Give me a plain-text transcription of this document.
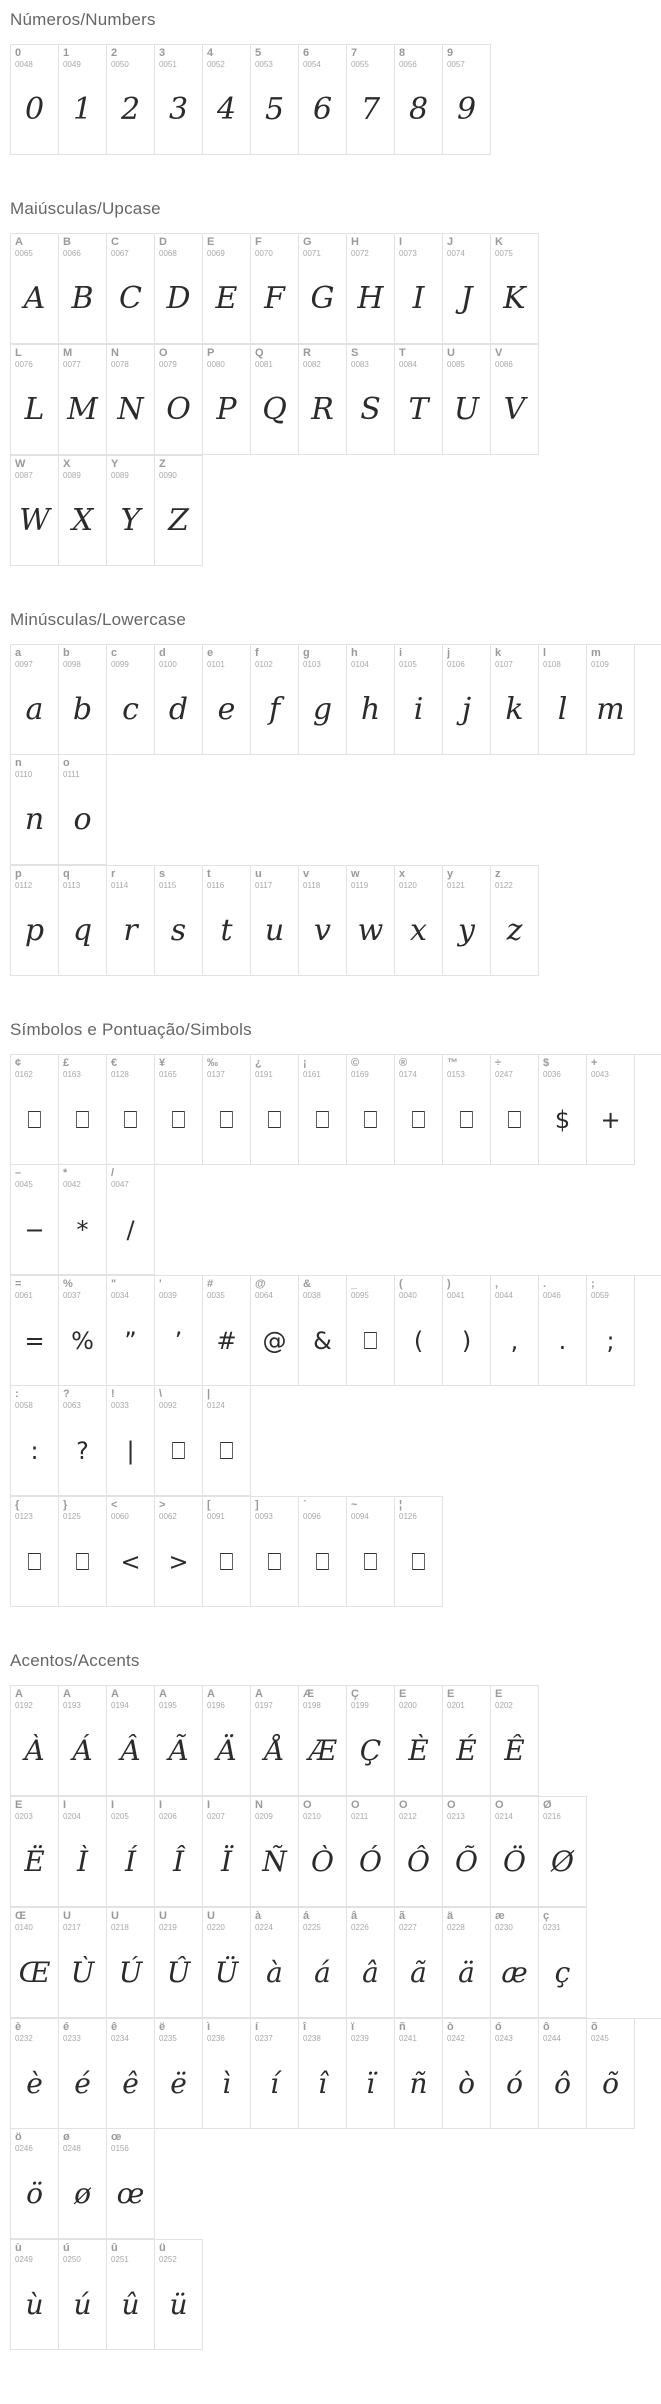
Números/Numbers
0
0048
0
1
0049
1
2
0050
2
3
0051
3
4
0052
4
5
0053
5
6
0054
6
7
0055
7
8
0056
8
9
0057
9
Maiúsculas/Upcase
A
0065
A
B
0066
B
C
0067
C
D
0068
D
E
0069
E
F
0070
F
G
0071
G
H
0072
H
I
0073
I
J
0074
J
K
0075
K
L
0076
L
M
0077
M
N
0078
N
O
0079
O
P
0080
P
Q
0081
Q
R
0082
R
S
0083
S
T
0084
T
U
0085
U
V
0086
V
W
0087
W
X
0089
X
Y
0089
Y
Z
0090
Z
Minúsculas/Lowercase
a
0097
a
b
0098
b
c
0099
c
d
0100
d
e
0101
e
f
0102
f
g
0103
g
h
0104
h
i
0105
i
j
0106
j
k
0107
k
l
0108
l
m
0109
m
n
0110
n
o
0111
o
p
0112
p
q
0113
q
r
0114
r
s
0115
s
t
0116
t
u
0117
u
v
0118
v
w
0119
w
x
0120
x
y
0121
y
z
0122
z
Símbolos e Pontuação/Simbols
¢
0162
⎕
£
0163
⎕
€
0128
⎕
¥
0165
⎕
‰
0137
⎕
¿
0191
⎕
¡
0161
⎕
©
0169
⎕
®
0174
⎕
™
0153
⎕
÷
0247
⎕
$
0036
$
+
0043
+
–
0045
−
*
0042
*
/
0047
/
=
0061
=
%
0037
%
"
0034
”
'
0039
’
#
0035
#
@
0064
@
&
0038
&
_
0095
⎕
(
0040
(
)
0041
)
,
0044
,
.
0046
.
;
0059
;
:
0058
:
?
0063
?
!
0033
|
\
0092
⎕
|
0124
⎕
{
0123
⎕
}
0125
⎕
<
0060
<
>
0062
>
[
0091
⎕
]
0093
⎕
`
0096
⎕
~
0094
⎕
¦
0126
⎕
Acentos/Accents
À
0192
À
Á
0193
Á
Â
0194
Â
Ã
0195
Ã
Ä
0196
Ä
Å
0197
Å
Æ
0198
Æ
Ç
0199
Ç
È
0200
È
É
0201
É
Ê
0202
Ê
Ë
0203
Ë
Ì
0204
Ì
Í
0205
Í
Î
0206
Î
Ï
0207
Ï
Ñ
0209
Ñ
Ò
0210
Ò
Ó
0211
Ó
Ô
0212
Ô
Õ
0213
Õ
Ö
0214
Ö
Ø
0216
Ø
Œ
0140
Œ
Ù
0217
Ù
Ú
0218
Ú
Û
0219
Û
Ü
0220
Ü
à
0224
à
á
0225
á
â
0226
â
ã
0227
ã
ä
0228
ä
æ
0230
æ
ç
0231
ç
è
0232
è
é
0233
é
ê
0234
ê
ë
0235
ë
ì
0236
ì
í
0237
í
î
0238
î
ï
0239
ï
ñ
0241
ñ
ò
0242
ò
ó
0243
ó
ô
0244
ô
õ
0245
õ
ö
0246
ö
ø
0248
ø
œ
0156
œ
ù
0249
ù
ú
0250
ú
û
0251
û
ü
0252
ü
